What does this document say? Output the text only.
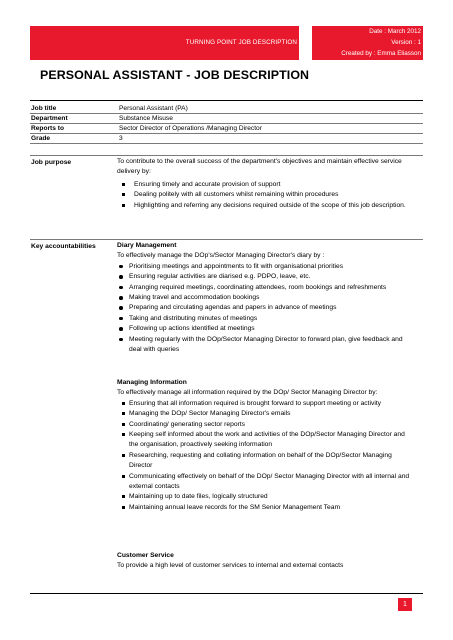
TURNING POINT JOB DESCRIPTION
Date : March 2012
Version : 1
Created by : Emma Eliasson
PERSONAL ASSISTANT - JOB DESCRIPTION
Job title	Personal Assistant (PA)
Department	Substance Misuse
Reports to	Sector Director of Operations /Managing Director
Grade	3
Job purpose	To contribute to the overall success of the department's objectives and maintain effective service delivery by:
Ensuring timely and accurate provision of support
Dealing politely with all customers whilst remaining within procedures
Highlighting and referring any decisions required outside of the scope of this job description.
Key accountabilities	Diary Management
To effectively manage the DOp's/Sector Managing Director's diary by :
Prioritising meetings and appointments to fit with organisational priorities
Ensuring regular activities are diarised e.g. PDPO, leave, etc.
Arranging required meetings, coordinating attendees, room bookings and refreshments
Making travel and accommodation bookings
Preparing and circulating agendas and papers in advance of meetings
Taking and distributing minutes of meetings
Following up actions identified at meetings
Meeting regularly with the DOp/Sector Managing Director to forward plan, give feedback and deal with queries
Managing Information
To effectively manage all information required by the DOp/ Sector Managing Director by:
Ensuring that all information required is brought forward to support meeting or activity
Managing the DOp/ Sector Managing Director's emails
Coordinating/ generating sector reports
Keeping self informed about the work and activities of the DOp/Sector Managing Director and the organisation, proactively seeking information
Researching, requesting and collating information on behalf of the DOp/Sector Managing Director
Communicating effectively on behalf of the DOp/ Sector Managing Director with all internal and external contacts
Maintaining up to date files, logically structured
Maintaining annual leave records for the SM Senior Management Team
Customer Service
To provide a high level of customer services to internal and external contacts
1
